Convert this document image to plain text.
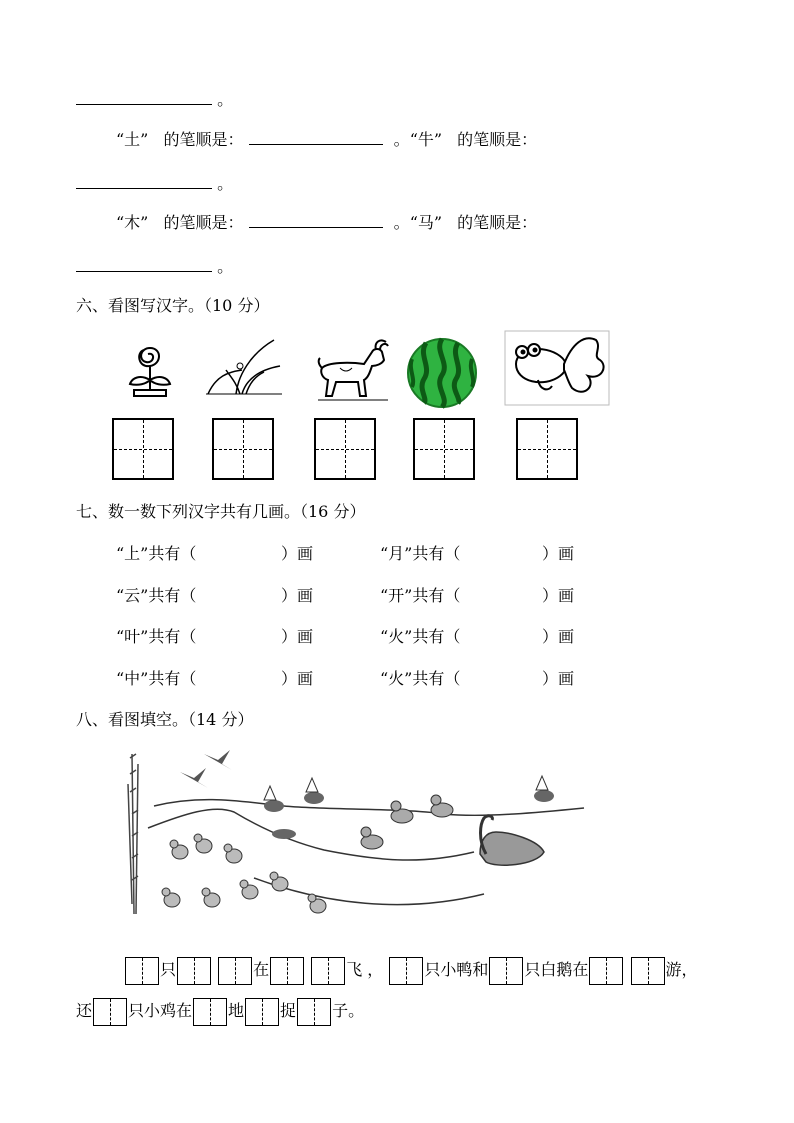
。
“土” 的笔顺是：	。“牛” 的笔顺是：
。
“木” 的笔顺是：	。“马” 的笔顺是：
。
六、看图写汉字。（10 分）
七、数一数下列汉字共有几画。（16 分）
“上”共有（	）画	“月”共有（	）画
“云”共有（	）画	“开”共有（	）画
“叶”共有（	）画	“火”共有（	）画
“中”共有（	）画	“火”共有（	）画
八、看图填空。（14 分）
只	在	飞 ，	只小鸭和 只白鹅在	游，
还 只小鸡在 地 捉 子。
